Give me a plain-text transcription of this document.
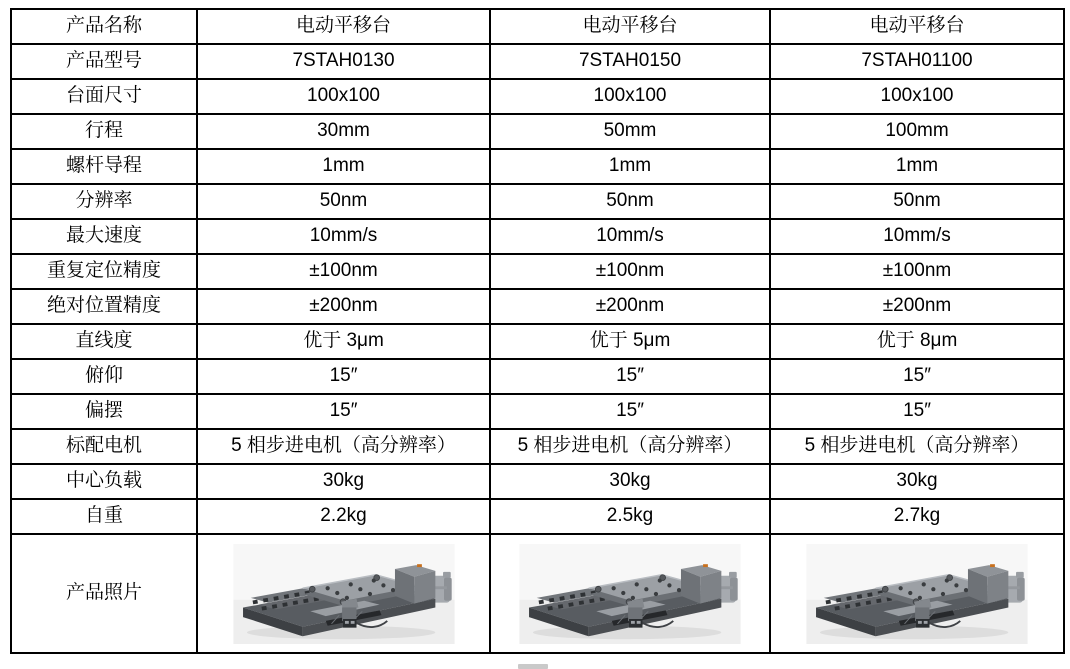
产品名称	电动平移台	电动平移台	电动平移台
产品型号	7STAH0130	7STAH0150	7STAH01100
台面尺寸	100x100	100x100	100x100
行程	30mm	50mm	100mm
螺杆导程	1mm	1mm	1mm
分辨率	50nm	50nm	50nm
最大速度	10mm/s	10mm/s	10mm/s
重复定位精度	±100nm	±100nm	±100nm
绝对位置精度	±200nm	±200nm	±200nm
直线度	优于 3μm	优于 5μm	优于 8μm
俯仰	15″	15″	15″
偏摆	15″	15″	15″
标配电机	5 相步进电机（高分辨率）	5 相步进电机（高分辨率）	5 相步进电机（高分辨率）
中心负载	30kg	30kg	30kg
自重	2.2kg	2.5kg	2.7kg
产品照片	
